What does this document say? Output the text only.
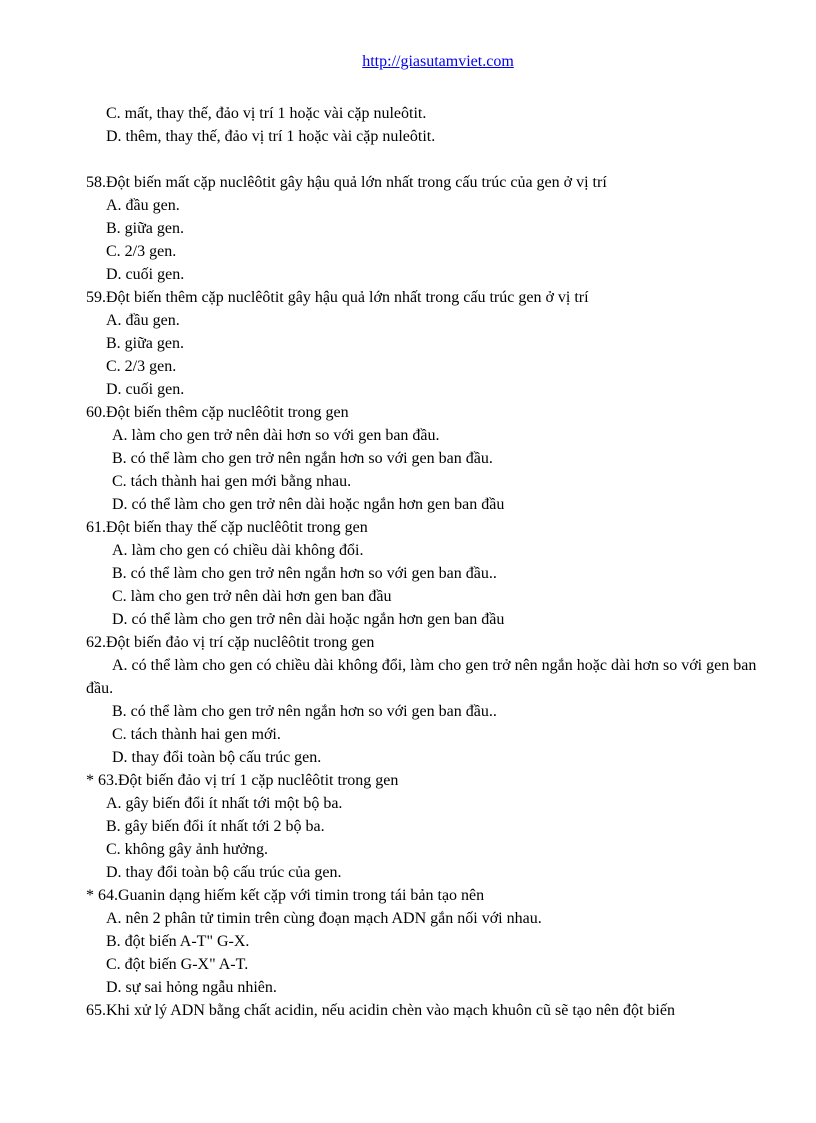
http://giasutamviet.com
C. mất, thay thế, đảo vị trí 1 hoặc vài cặp nuleôtit.
D. thêm, thay thế, đảo vị trí 1 hoặc vài cặp nuleôtit.
58.Đột biến mất cặp nuclêôtit gây hậu quả lớn nhất trong cấu trúc của gen ở vị trí
A. đầu gen.
B. giữa gen.
C. 2/3 gen.
D. cuối gen.
59.Đột biến thêm cặp nuclêôtit gây hậu quả lớn nhất trong cấu trúc gen ở vị trí
A. đầu gen.
B. giữa gen.
C. 2/3 gen.
D. cuối gen.
60.Đột biến thêm cặp nuclêôtit trong gen
A. làm cho gen trở nên dài hơn so với gen ban đầu.
B. có thể làm cho gen trở nên ngắn hơn so với gen ban đầu.
C. tách thành hai gen mới bằng nhau.
D. có thể làm cho gen trở nên dài hoặc ngắn hơn gen ban đầu
61.Đột biến thay thế cặp nuclêôtit trong gen
A. làm cho gen có chiều dài không đổi.
B. có thể làm cho gen trở nên ngắn hơn so với gen ban đầu..
C. làm cho gen trở nên dài hơn gen ban đầu
D. có thể làm cho gen trở nên dài hoặc ngắn hơn gen ban đầu
62.Đột biến đảo vị trí cặp nuclêôtit trong gen
A. có thể làm cho gen có chiều dài không đổi, làm cho gen trở nên ngắn hoặc dài hơn so với gen ban đầu.
B. có thể làm cho gen trở nên ngắn hơn so với gen ban đầu..
C. tách thành hai gen mới.
D. thay đổi toàn bộ cấu trúc gen.
* 63.Đột biến đảo vị trí 1 cặp nuclêôtit trong gen
A. gây biến đổi ít nhất tới một bộ ba.
B. gây biến đổi ít nhất tới 2 bộ ba.
C. không gây ảnh hưởng.
D. thay đổi toàn bộ cấu trúc của gen.
* 64.Guanin dạng hiếm kết cặp với timin trong tái bản tạo nên
A. nên 2 phân tử timin trên cùng đoạn mạch ADN gắn nối với nhau.
B. đột biến A-T" G-X.
C. đột biến G-X" A-T.
D. sự sai hỏng ngẫu nhiên.
65.Khi xử lý ADN bằng chất acidin, nếu acidin chèn vào mạch khuôn cũ sẽ tạo nên đột biến
